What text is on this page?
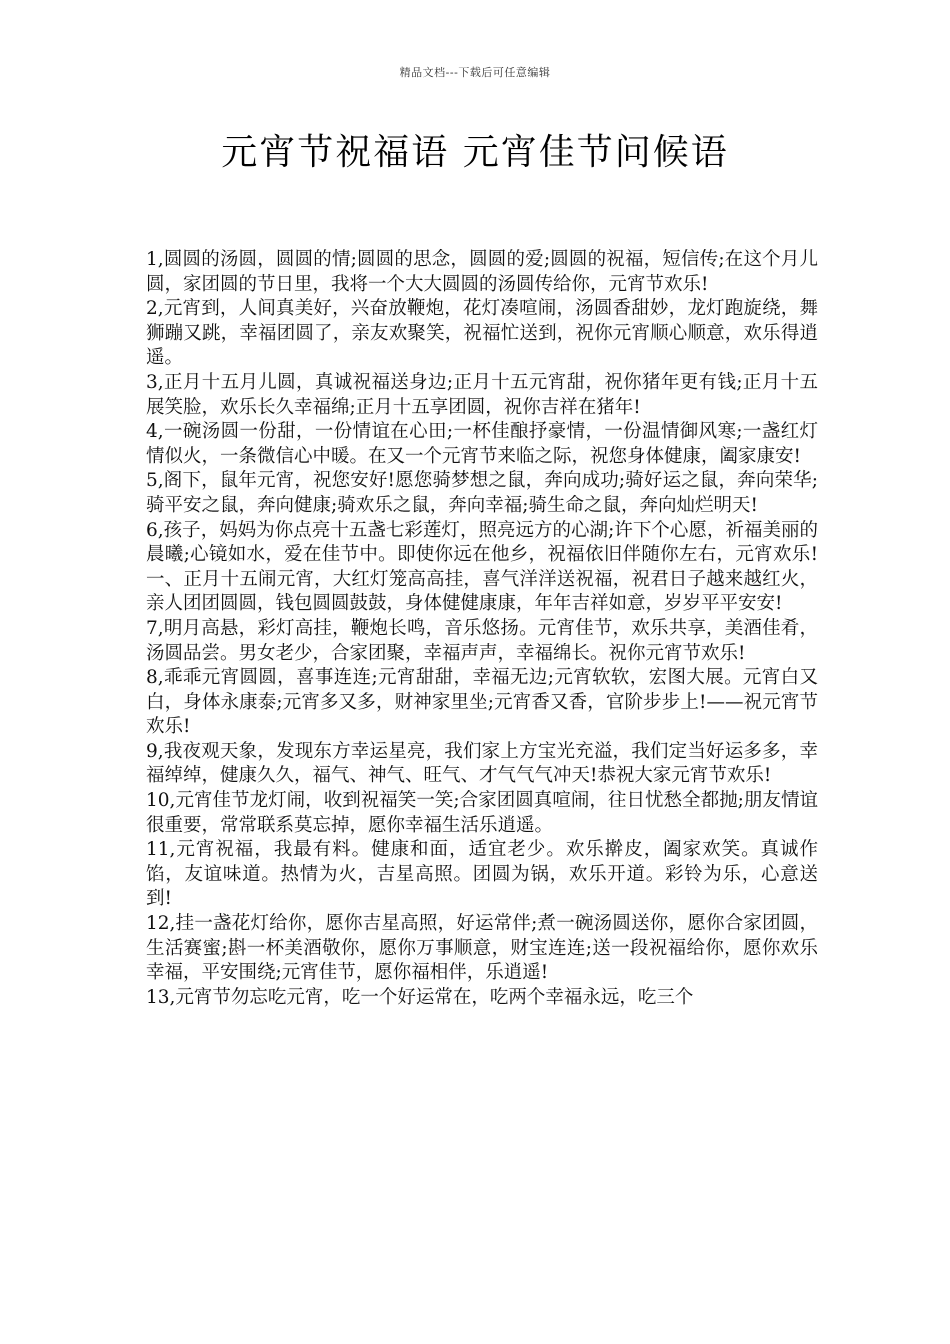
精品文档---下载后可任意编辑
元宵节祝福语 元宵佳节问候语

1,圆圆的汤圆，圆圆的情;圆圆的思念，圆圆的爱;圆圆的祝福，短信传;在这个月儿圆，家团圆的节日里，我将一个大大圆圆的汤圆传给你，元宵节欢乐!

2,元宵到，人间真美好，兴奋放鞭炮，花灯凑喧闹，汤圆香甜妙，龙灯跑旋绕，舞狮蹦又跳，幸福团圆了，亲友欢聚笑，祝福忙送到，祝你元宵顺心顺意，欢乐得逍遥。

3,正月十五月儿圆，真诚祝福送身边;正月十五元宵甜，祝你猪年更有钱;正月十五展笑脸，欢乐长久幸福绵;正月十五享团圆，祝你吉祥在猪年!

4,一碗汤圆一份甜，一份情谊在心田;一杯佳酿抒豪情，一份温情御风寒;一盏红灯情似火，一条微信心中暖。在又一个元宵节来临之际，祝您身体健康，阖家康安!

5,阁下，鼠年元宵，祝您安好!愿您骑梦想之鼠，奔向成功;骑好运之鼠，奔向荣华;骑平安之鼠，奔向健康;骑欢乐之鼠，奔向幸福;骑生命之鼠，奔向灿烂明天!

6,孩子，妈妈为你点亮十五盏七彩莲灯，照亮远方的心湖;许下个心愿，祈福美丽的晨曦;心镜如水，爱在佳节中。即使你远在他乡，祝福依旧伴随你左右，元宵欢乐!一、正月十五闹元宵，大红灯笼高高挂，喜气洋洋送祝福，祝君日子越来越红火，亲人团团圆圆，钱包圆圆鼓鼓，身体健健康康，年年吉祥如意，岁岁平平安安!

7,明月高悬，彩灯高挂，鞭炮长鸣，音乐悠扬。元宵佳节，欢乐共享，美酒佳肴，汤圆品尝。男女老少，合家团聚，幸福声声，幸福绵长。祝你元宵节欢乐!

8,乖乖元宵圆圆，喜事连连;元宵甜甜，幸福无边;元宵软软，宏图大展。元宵白又白，身体永康泰;元宵多又多，财神家里坐;元宵香又香，官阶步步上!——祝元宵节欢乐!

9,我夜观天象，发现东方幸运星亮，我们家上方宝光充溢，我们定当好运多多，幸福绰绰，健康久久，福气、神气、旺气、才气气气冲天!恭祝大家元宵节欢乐!

10,元宵佳节龙灯闹，收到祝福笑一笑;合家团圆真喧闹，往日忧愁全都抛;朋友情谊很重要，常常联系莫忘掉，愿你幸福生活乐逍遥。

11,元宵祝福，我最有料。健康和面，适宜老少。欢乐擀皮，阖家欢笑。真诚作馅，友谊味道。热情为火，吉星高照。团圆为锅，欢乐开道。彩铃为乐，心意送到!

12,挂一盏花灯给你，愿你吉星高照，好运常伴;煮一碗汤圆送你，愿你合家团圆，生活赛蜜;斟一杯美酒敬你，愿你万事顺意，财宝连连;送一段祝福给你，愿你欢乐幸福，平安围绕;元宵佳节，愿你福相伴，乐逍遥!

13,元宵节勿忘吃元宵，吃一个好运常在，吃两个幸福永远，吃三个
